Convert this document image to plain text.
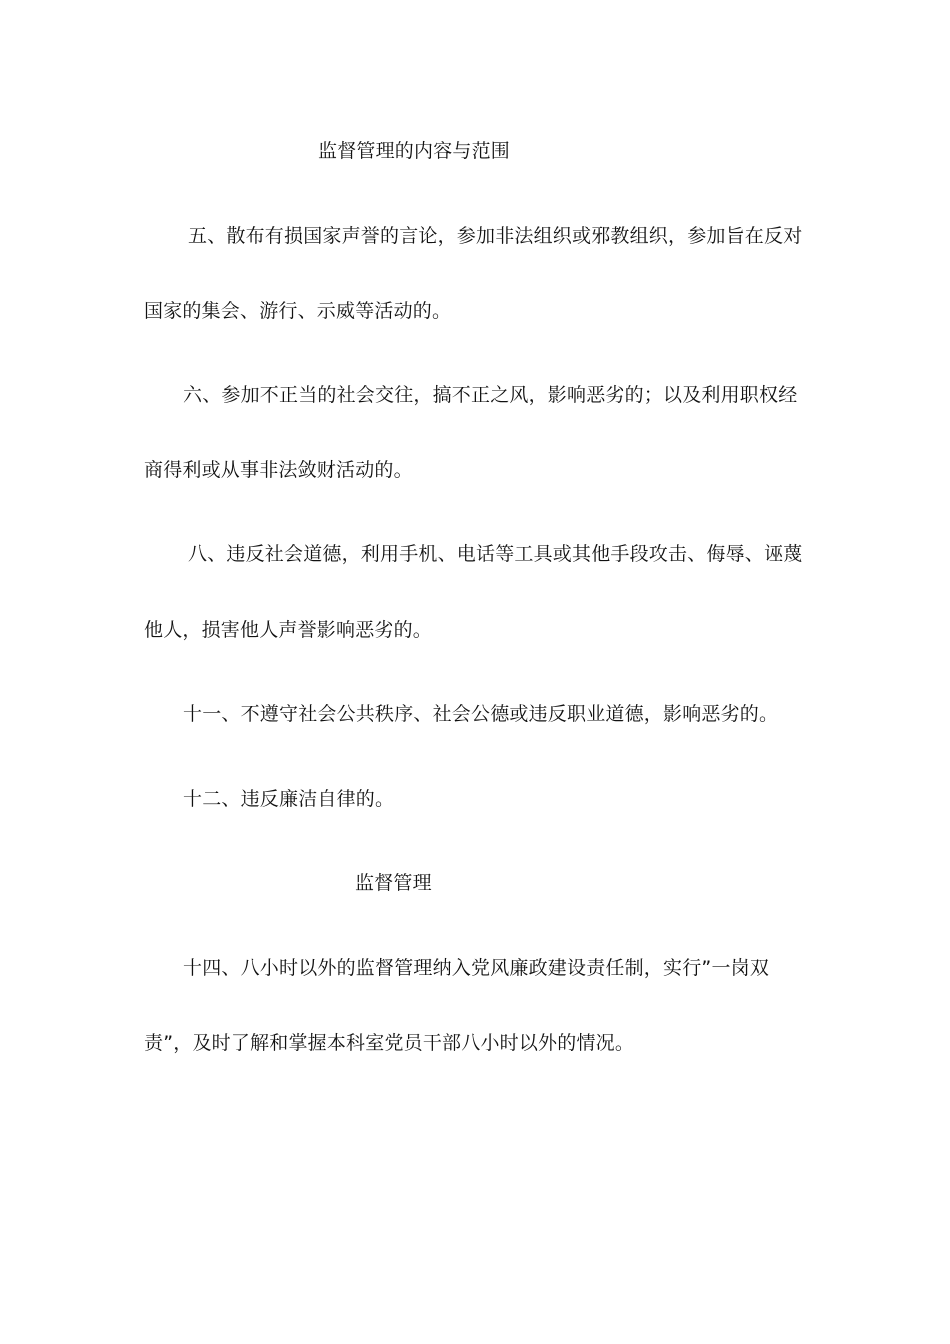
监督管理的内容与范围
五、散布有损国家声誉的言论，参加非法组织或邪教组织，参加旨在反对
国家的集会、游行、示威等活动的。
六、参加不正当的社会交往，搞不正之风，影响恶劣的；以及利用职权经
商得利或从事非法敛财活动的。
八、违反社会道德，利用手机、电话等工具或其他手段攻击、侮辱、诬蔑
他人，损害他人声誉影响恶劣的。
十一、不遵守社会公共秩序、社会公德或违反职业道德，影响恶劣的。
十二、违反廉洁自律的。
监督管理
十四、八小时以外的监督管理纳入党风廉政建设责任制，实行”一岗双
责”，及时了解和掌握本科室党员干部八小时以外的情况。
